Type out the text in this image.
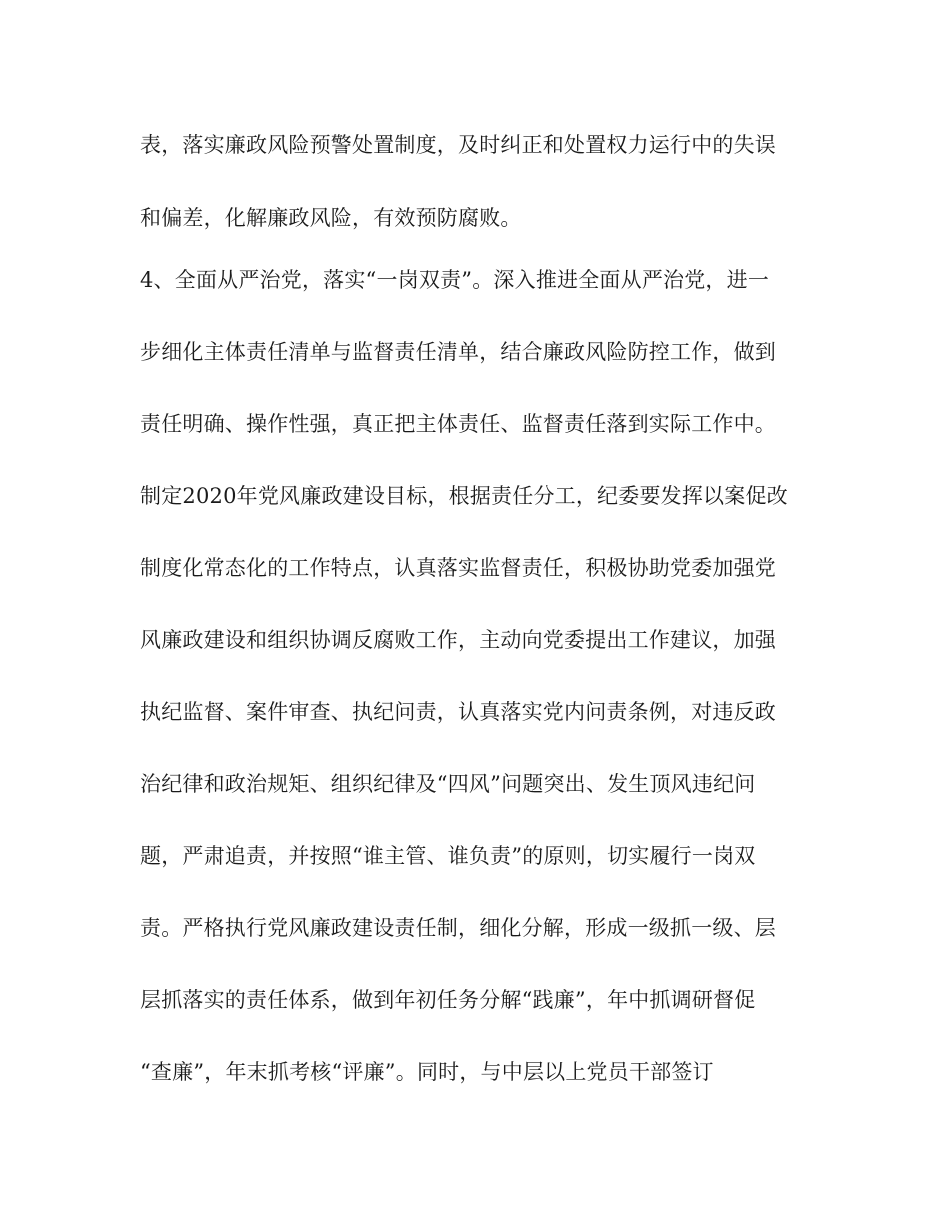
表，落实廉政风险预警处置制度，及时纠正和处置权力运行中的失误
和偏差，化解廉政风险，有效预防腐败。
4、全面从严治党，落实“一岗双责”。深入推进全面从严治党，进一
步细化主体责任清单与监督责任清单，结合廉政风险防控工作，做到
责任明确、操作性强，真正把主体责任、监督责任落到实际工作中。
制定2020年党风廉政建设目标，根据责任分工，纪委要发挥以案促改
制度化常态化的工作特点，认真落实监督责任，积极协助党委加强党
风廉政建设和组织协调反腐败工作，主动向党委提出工作建议，加强
执纪监督、案件审查、执纪问责，认真落实党内问责条例，对违反政
治纪律和政治规矩、组织纪律及“四风”问题突出、发生顶风违纪问
题，严肃追责，并按照“谁主管、谁负责”的原则，切实履行一岗双
责。严格执行党风廉政建设责任制，细化分解，形成一级抓一级、层
层抓落实的责任体系，做到年初任务分解“践廉”，年中抓调研督促
“查廉”，年末抓考核“评廉”。同时，与中层以上党员干部签订
